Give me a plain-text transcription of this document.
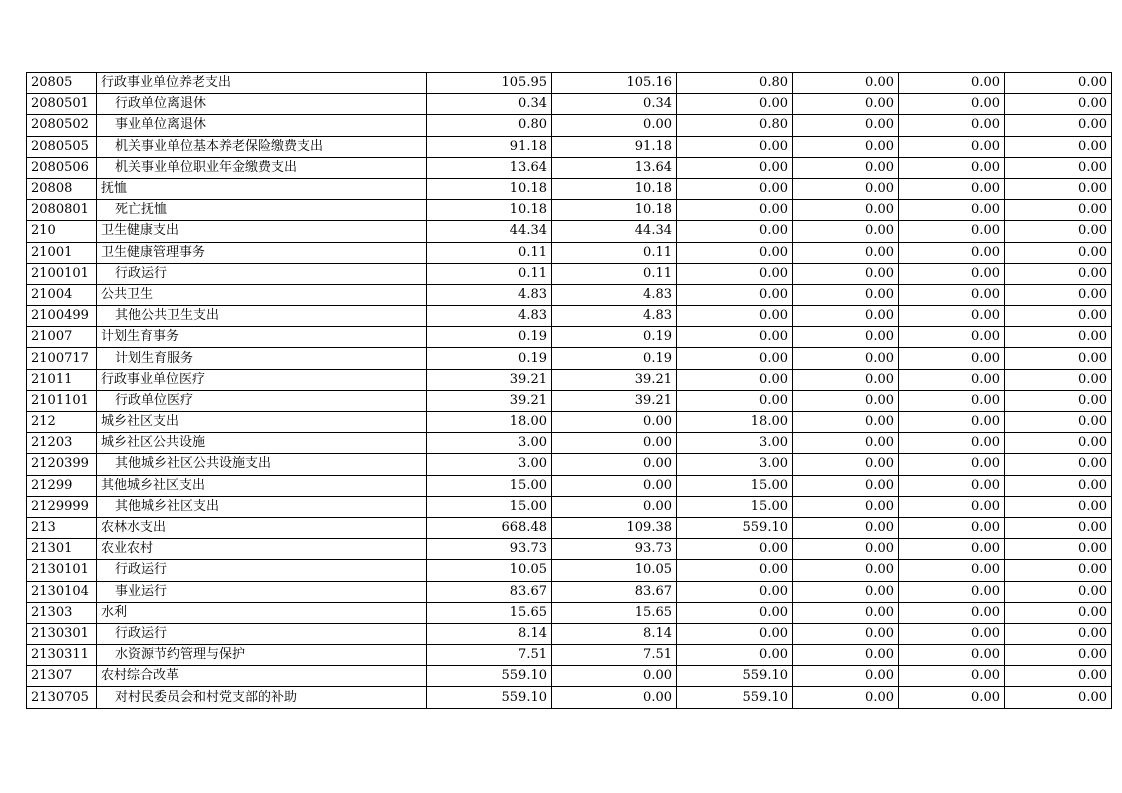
20805	行政事业单位养老支出	105.95	105.16	0.80	0.00	0.00	0.00
2080501	行政单位离退休	0.34	0.34	0.00	0.00	0.00	0.00
2080502	事业单位离退休	0.80	0.00	0.80	0.00	0.00	0.00
2080505	机关事业单位基本养老保险缴费支出	91.18	91.18	0.00	0.00	0.00	0.00
2080506	机关事业单位职业年金缴费支出	13.64	13.64	0.00	0.00	0.00	0.00
20808	抚恤	10.18	10.18	0.00	0.00	0.00	0.00
2080801	死亡抚恤	10.18	10.18	0.00	0.00	0.00	0.00
210	卫生健康支出	44.34	44.34	0.00	0.00	0.00	0.00
21001	卫生健康管理事务	0.11	0.11	0.00	0.00	0.00	0.00
2100101	行政运行	0.11	0.11	0.00	0.00	0.00	0.00
21004	公共卫生	4.83	4.83	0.00	0.00	0.00	0.00
2100499	其他公共卫生支出	4.83	4.83	0.00	0.00	0.00	0.00
21007	计划生育事务	0.19	0.19	0.00	0.00	0.00	0.00
2100717	计划生育服务	0.19	0.19	0.00	0.00	0.00	0.00
21011	行政事业单位医疗	39.21	39.21	0.00	0.00	0.00	0.00
2101101	行政单位医疗	39.21	39.21	0.00	0.00	0.00	0.00
212	城乡社区支出	18.00	0.00	18.00	0.00	0.00	0.00
21203	城乡社区公共设施	3.00	0.00	3.00	0.00	0.00	0.00
2120399	其他城乡社区公共设施支出	3.00	0.00	3.00	0.00	0.00	0.00
21299	其他城乡社区支出	15.00	0.00	15.00	0.00	0.00	0.00
2129999	其他城乡社区支出	15.00	0.00	15.00	0.00	0.00	0.00
213	农林水支出	668.48	109.38	559.10	0.00	0.00	0.00
21301	农业农村	93.73	93.73	0.00	0.00	0.00	0.00
2130101	行政运行	10.05	10.05	0.00	0.00	0.00	0.00
2130104	事业运行	83.67	83.67	0.00	0.00	0.00	0.00
21303	水利	15.65	15.65	0.00	0.00	0.00	0.00
2130301	行政运行	8.14	8.14	0.00	0.00	0.00	0.00
2130311	水资源节约管理与保护	7.51	7.51	0.00	0.00	0.00	0.00
21307	农村综合改革	559.10	0.00	559.10	0.00	0.00	0.00
2130705	对村民委员会和村党支部的补助	559.10	0.00	559.10	0.00	0.00	0.00
